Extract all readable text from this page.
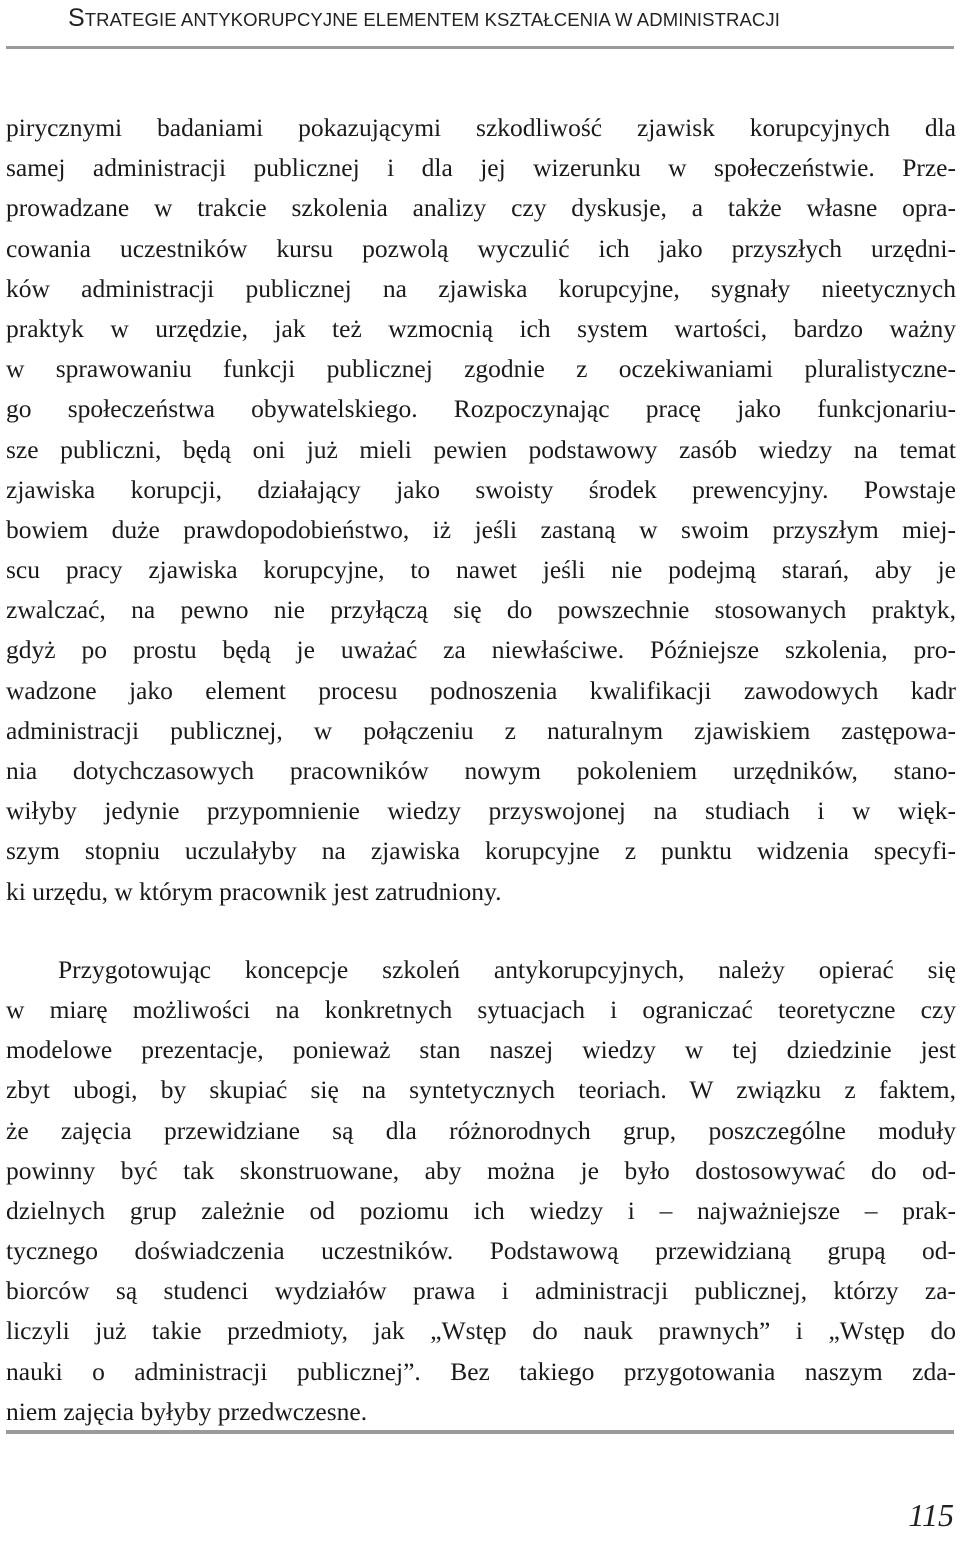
STRATEGIE ANTYKORUPCYJNE ELEMENTEM KSZTAŁCENIA W ADMINISTRACJI
pirycznymi badaniami pokazującymi szkodliwość zjawisk korupcyjnych dla
samej administracji publicznej i dla jej wizerunku w społeczeństwie. Prze-
prowadzane w trakcie szkolenia analizy czy dyskusje, a także własne opra-
cowania uczestników kursu pozwolą wyczulić ich jako przyszłych urzędni-
ków administracji publicznej na zjawiska korupcyjne, sygnały nieetycznych
praktyk w urzędzie, jak też wzmocnią ich system wartości, bardzo ważny
w sprawowaniu funkcji publicznej zgodnie z oczekiwaniami pluralistyczne-
go społeczeństwa obywatelskiego. Rozpoczynając pracę jako funkcjonariu-
sze publiczni, będą oni już mieli pewien podstawowy zasób wiedzy na temat
zjawiska korupcji, działający jako swoisty środek prewencyjny. Powstaje
bowiem duże prawdopodobieństwo, iż jeśli zastaną w swoim przyszłym miej-
scu pracy zjawiska korupcyjne, to nawet jeśli nie podejmą starań, aby je
zwalczać, na pewno nie przyłączą się do powszechnie stosowanych praktyk,
gdyż po prostu będą je uważać za niewłaściwe. Późniejsze szkolenia, pro-
wadzone jako element procesu podnoszenia kwalifikacji zawodowych kadr
administracji publicznej, w połączeniu z naturalnym zjawiskiem zastępowa-
nia dotychczasowych pracowników nowym pokoleniem urzędników, stano-
wiłyby jedynie przypomnienie wiedzy przyswojonej na studiach i w więk-
szym stopniu uczulałyby na zjawiska korupcyjne z punktu widzenia specyfi-
ki urzędu, w którym pracownik jest zatrudniony.
Przygotowując koncepcje szkoleń antykorupcyjnych, należy opierać się
w miarę możliwości na konkretnych sytuacjach i ograniczać teoretyczne czy
modelowe prezentacje, ponieważ stan naszej wiedzy w tej dziedzinie jest
zbyt ubogi, by skupiać się na syntetycznych teoriach. W związku z faktem,
że zajęcia przewidziane są dla różnorodnych grup, poszczególne moduły
powinny być tak skonstruowane, aby można je było dostosowywać do od-
dzielnych grup zależnie od poziomu ich wiedzy i – najważniejsze – prak-
tycznego doświadczenia uczestników. Podstawową przewidzianą grupą od-
biorców są studenci wydziałów prawa i administracji publicznej, którzy za-
liczyli już takie przedmioty, jak „Wstęp do nauk prawnych” i „Wstęp do
nauki o administracji publicznej”. Bez takiego przygotowania naszym zda-
niem zajęcia byłyby przedwczesne.
115
